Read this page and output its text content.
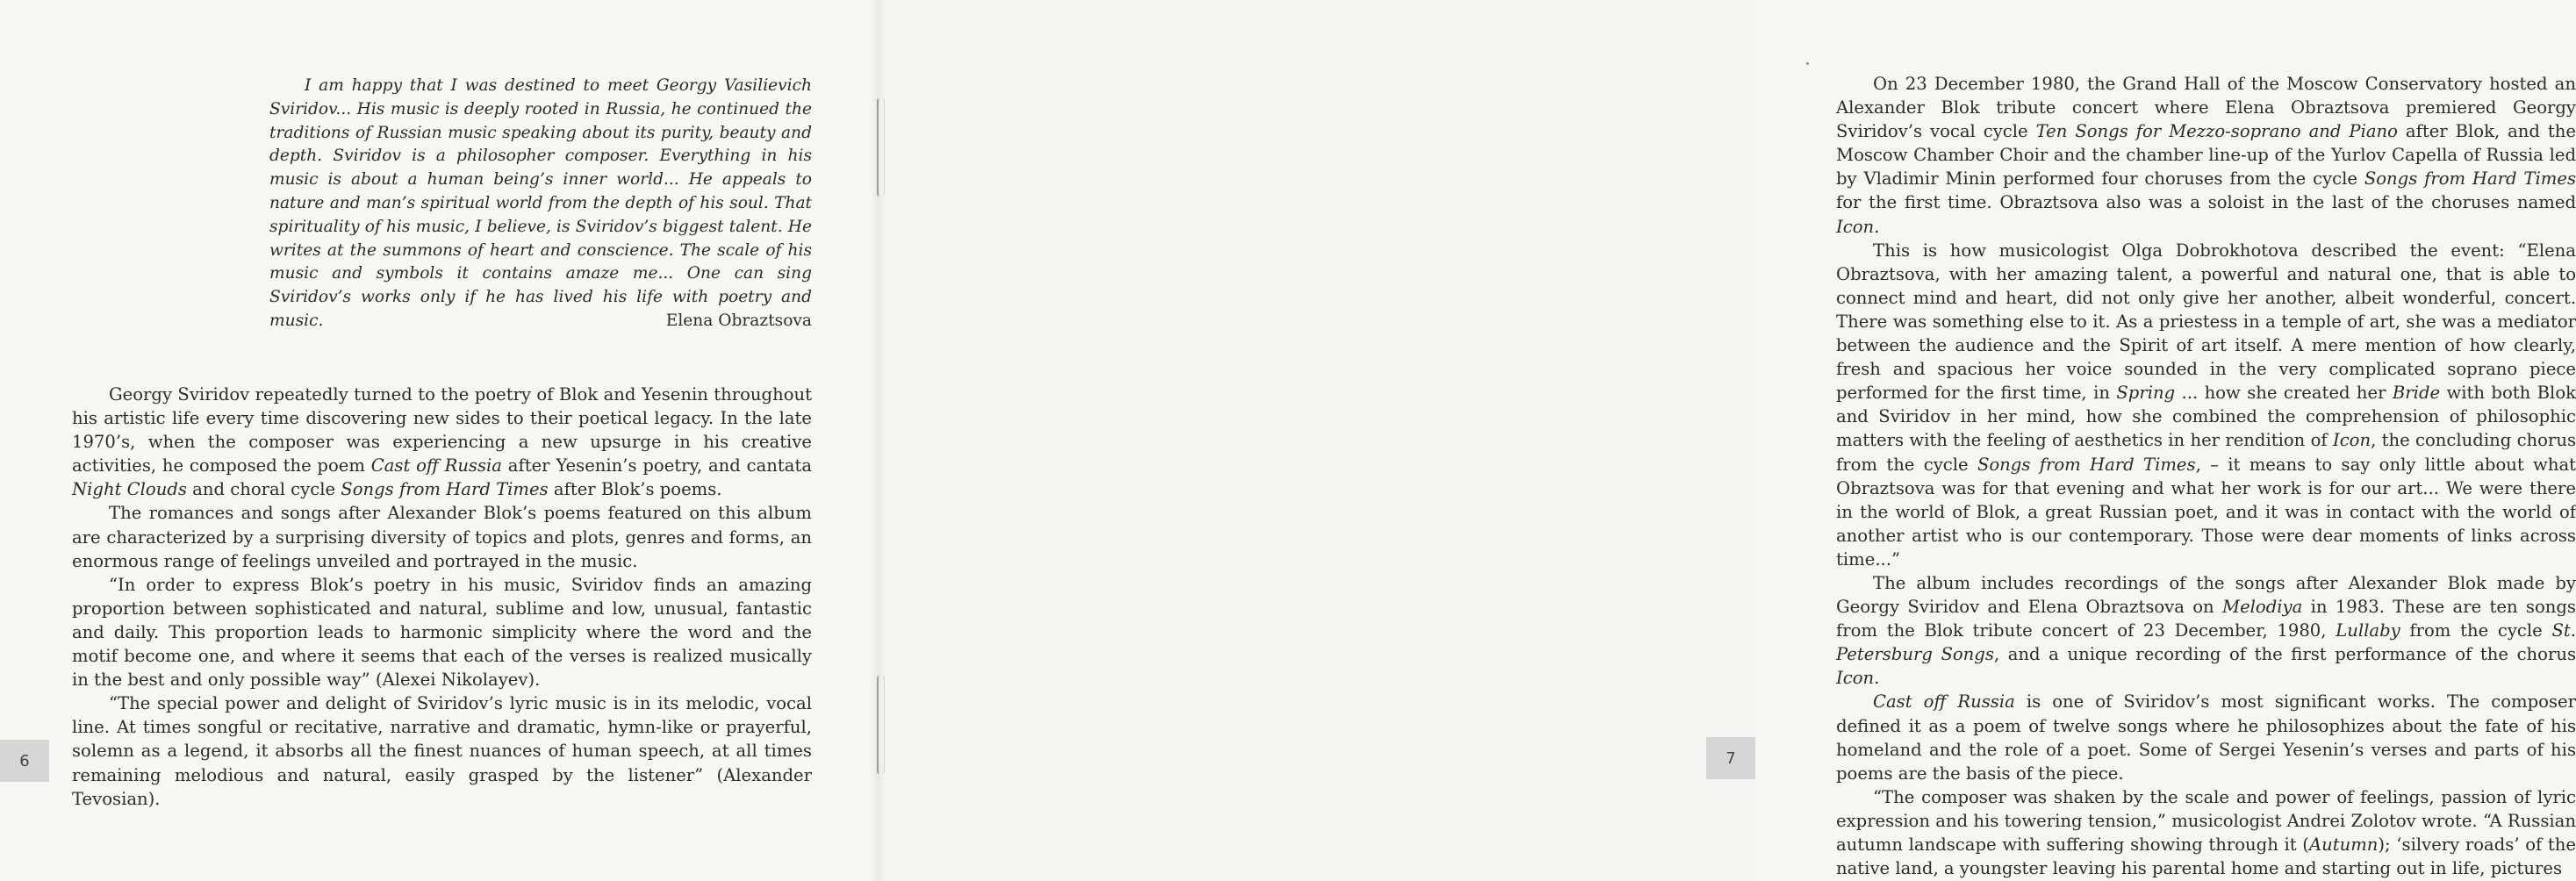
I am happy that I was destined to meet Georgy Vasilievich Sviridov... His music is deeply rooted in Russia, he continued the traditions of Russian music speaking about its purity, beauty and depth. Sviridov is a philosopher composer. Everything in his music is about a human being’s inner world... He appeals to nature and man’s spiritual world from the depth of his soul. That spirituality of his music, I believe, is Sviridov’s biggest talent. He writes at the summons of heart and conscience. The scale of his music and symbols it contains amaze me... One can sing Sviridov’s works only if he has lived his life with poetry and music.	Elena Obraztsova

Georgy Sviridov repeatedly turned to the poetry of Blok and Yesenin throughout his artistic life every time discovering new sides to their poetical legacy. In the late 1970’s, when the composer was experiencing a new upsurge in his creative activities, he composed the poem Cast off Russia after Yesenin’s poetry, and cantata Night Clouds and choral cycle Songs from Hard Times after Blok’s poems.

The romances and songs after Alexander Blok’s poems featured on this album are characterized by a surprising diversity of topics and plots, genres and forms, an enormous range of feelings unveiled and portrayed in the music.

“In order to express Blok’s poetry in his music, Sviridov finds an amazing proportion between sophisticated and natural, sublime and low, unusual, fantastic and daily. This proportion leads to harmonic simplicity where the word and the motif become one, and where it seems that each of the verses is realized musically in the best and only possible way” (Alexei Nikolayev).

“The special power and delight of Sviridov’s lyric music is in its melodic, vocal line. At times songful or recitative, narrative and dramatic, hymn-like or prayerful, solemn as a legend, it absorbs all the finest nuances of human speech, at all times remaining melodious and natural, easily grasped by the listener” (Alexander Tevosian).

6

On 23 December 1980, the Grand Hall of the Moscow Conservatory hosted an Alexander Blok tribute concert where Elena Obraztsova premiered Georgy Sviridov’s vocal cycle Ten Songs for Mezzo-soprano and Piano after Blok, and the Moscow Chamber Choir and the chamber line-up of the Yurlov Capella of Russia led by Vladimir Minin performed four choruses from the cycle Songs from Hard Times for the first time. Obraztsova also was a soloist in the last of the choruses named Icon.

This is how musicologist Olga Dobrokhotova described the event: “Elena Obraztsova, with her amazing talent, a powerful and natural one, that is able to connect mind and heart, did not only give her another, albeit wonderful, concert. There was something else to it. As a priestess in a temple of art, she was a mediator between the audience and the Spirit of art itself. A mere mention of how clearly, fresh and spacious her voice sounded in the very complicated soprano piece performed for the first time, in Spring ... how she created her Bride with both Blok and Sviridov in her mind, how she combined the comprehension of philosophic matters with the feeling of aesthetics in her rendition of Icon, the concluding chorus from the cycle Songs from Hard Times, – it means to say only little about what Obraztsova was for that evening and what her work is for our art... We were there in the world of Blok, a great Russian poet, and it was in contact with the world of another artist who is our contemporary. Those were dear moments of links across time...”

The album includes recordings of the songs after Alexander Blok made by Georgy Sviridov and Elena Obraztsova on Melodiya in 1983. These are ten songs from the Blok tribute concert of 23 December, 1980, Lullaby from the cycle St. Petersburg Songs, and a unique recording of the first performance of the chorus Icon.

Cast off Russia is one of Sviridov’s most significant works. The composer defined it as a poem of twelve songs where he philosophizes about the fate of his homeland and the role of a poet. Some of Sergei Yesenin’s verses and parts of his poems are the basis of the piece.

“The composer was shaken by the scale and power of feelings, passion of lyric expression and his towering tension,” musicologist Andrei Zolotov wrote. “A Russian autumn landscape with suffering showing through it (Autumn); ‘silvery roads’ of the native land, a youngster leaving his parental home and starting out in life, pictures

7
